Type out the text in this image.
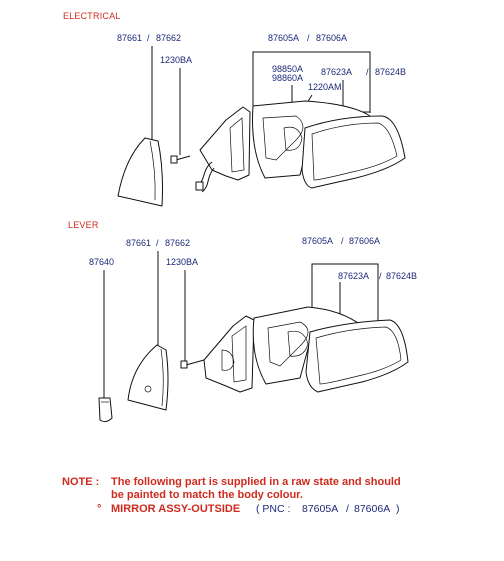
ELECTRICAL
87661 / 87662
1230BA
87605A / 87606A
98850A
98860A
87623A / 87624B
1220AM
LEVER
87661 / 87662
87640	1230BA
87605A / 87606A
87623A / 87624B
NOTE : The following part is supplied in a raw state and should
be painted to match the body colour.
° MIRROR ASSY-OUTSIDE ( PNC : 87605A / 87606A )
